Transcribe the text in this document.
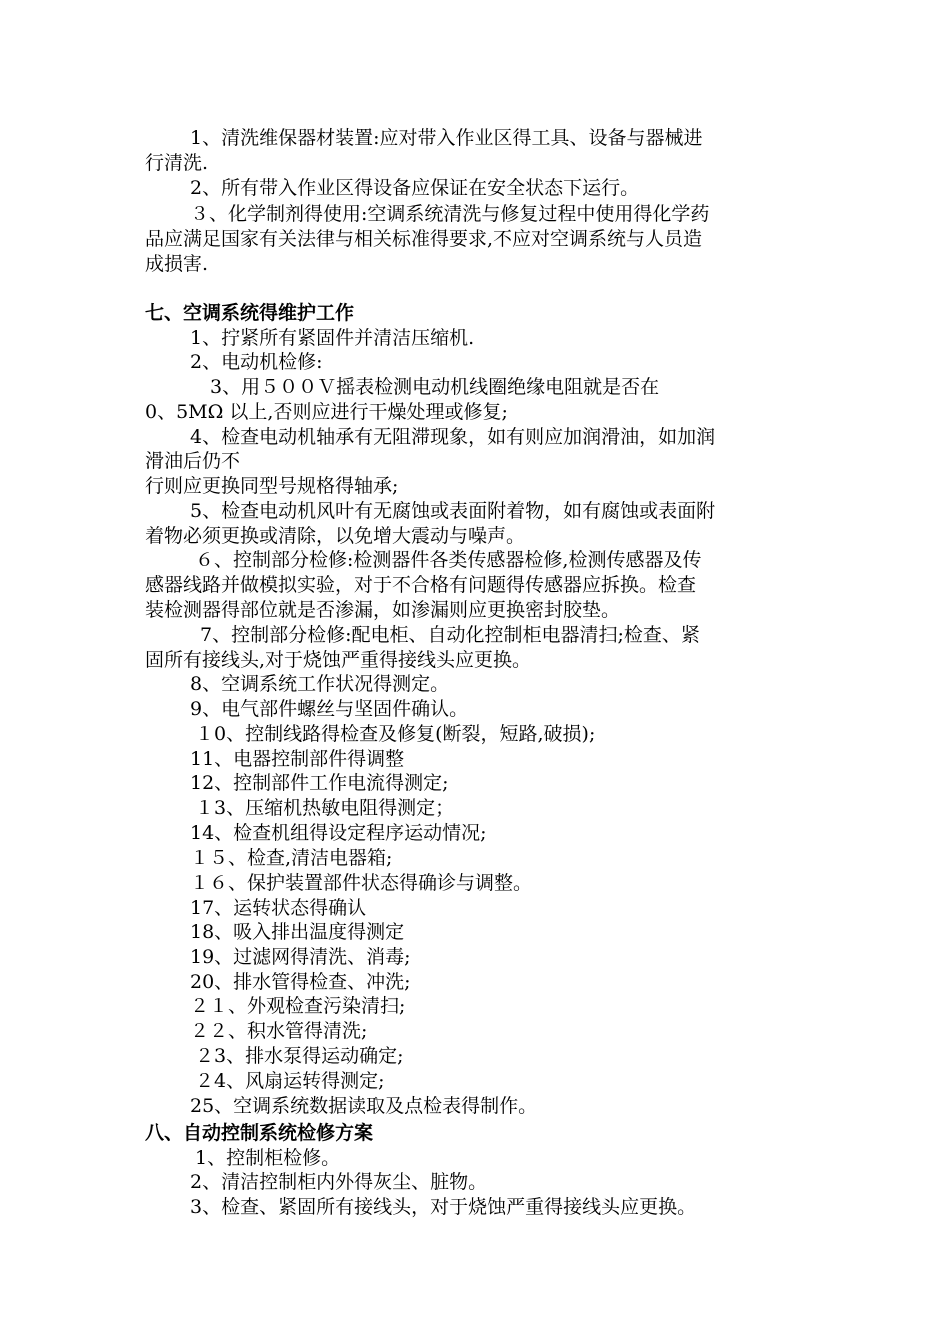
1、清洗维保器材装置:应对带入作业区得工具、设备与器械进
行清洗.
2、所有带入作业区得设备应保证在安全状态下运行。
３、化学制剂得使用:空调系统清洗与修复过程中使用得化学药
品应满足国家有关法律与相关标准得要求,不应对空调系统与人员造
成损害.
七、空调系统得维护工作
1、拧紧所有紧固件并清洁压缩机.
2、电动机检修:
3、用５００Ｖ摇表检测电动机线圈绝缘电阻就是否在
0、5MΩ 以上,否则应进行干燥处理或修复;
4、检查电动机轴承有无阻滞现象，如有则应加润滑油，如加润
滑油后仍不
行则应更换同型号规格得轴承;
5、检查电动机风叶有无腐蚀或表面附着物，如有腐蚀或表面附
着物必须更换或清除，以免增大震动与噪声。
６、控制部分检修:检测器件各类传感器检修,检测传感器及传
感器线路并做模拟实验，对于不合格有问题得传感器应拆换。检查
装检测器得部位就是否渗漏，如渗漏则应更换密封胶垫。
7、控制部分检修:配电柜、自动化控制柜电器清扫;检查、紧
固所有接线头,对于烧蚀严重得接线头应更换。
8、空调系统工作状况得测定。
9、电气部件螺丝与坚固件确认。
１0、控制线路得检查及修复(断裂，短路,破损);
11、电器控制部件得调整
12、控制部件工作电流得测定;
１3、压缩机热敏电阻得测定；
14、检查机组得设定程序运动情况;
１５、检查,清洁电器箱;
１６、保护装置部件状态得确诊与调整。
17、运转状态得确认
18、吸入排出温度得测定
19、过滤网得清洗、消毒;
20、排水管得检查、冲洗;
２１、外观检查污染清扫;
２２、积水管得清洗;
２3、排水泵得运动确定;
２4、风扇运转得测定;
25、空调系统数据读取及点检表得制作。
八、自动控制系统检修方案
1、控制柜检修。
2、清洁控制柜内外得灰尘、脏物。
3、检查、紧固所有接线头，对于烧蚀严重得接线头应更换。
